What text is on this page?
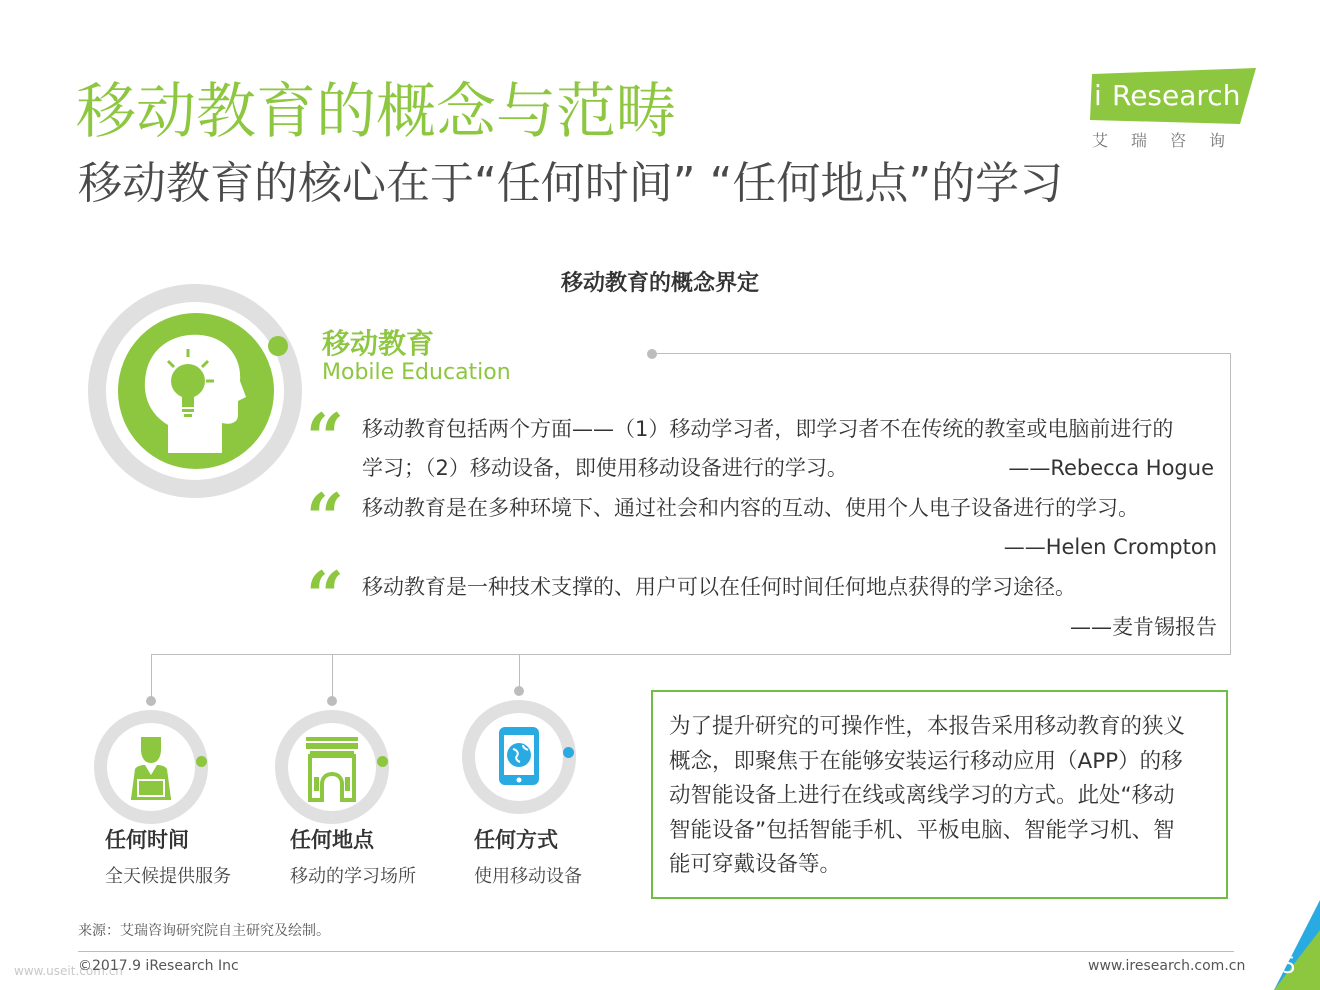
移动教育的概念与范畴
移动教育的核心在于“任何时间” “任何地点”的学习
i Research
艾瑞咨询
移动教育的概念界定
移动教育
Mobile Education
“ 移动教育包括两个方面——（1）移动学习者，即学习者不在传统的教室或电脑前进行的
学习；（2）移动设备，即使用移动设备进行的学习。	——Rebecca Hogue
“ 移动教育是在多种环境下、通过社会和内容的互动、使用个人电子设备进行的学习。
——Helen Crompton
“ 移动教育是一种技术支撑的、用户可以在任何时间任何地点获得的学习途径。
——麦肯锡报告
任何时间
全天候提供服务
任何地点
移动的学习场所
任何方式
使用移动设备
为了提升研究的可操作性，本报告采用移动教育的狭义
概念，即聚焦于在能够安装运行移动应用（APP）的移
动智能设备上进行在线或离线学习的方式。此处“移动
智能设备”包括智能手机、平板电脑、智能学习机、智
能可穿戴设备等。
来源：艾瑞咨询研究院自主研究及绘制。
www.useit.com.cn
©2017.9 iResearch Inc	www.iresearch.com.cn 5
